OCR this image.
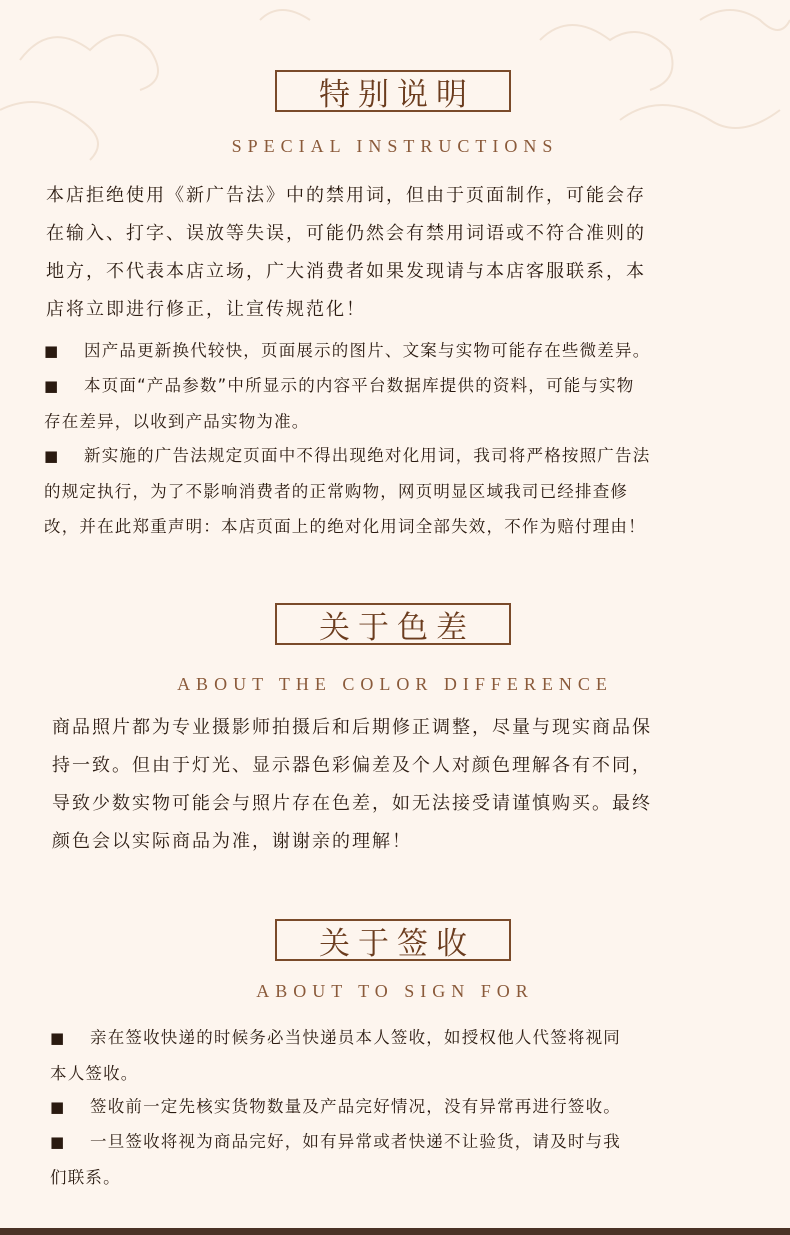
特别说明
SPECIAL INSTRUCTIONS

本店拒绝使用《新广告法》中的禁用词，但由于页面制作，可能会存
在输入、打字、误放等失误，可能仍然会有禁用词语或不符合准则的
地方，不代表本店立场，广大消费者如果发现请与本店客服联系，本
店将立即进行修正，让宣传规范化！

■ 因产品更新换代较快，页面展示的图片、文案与实物可能存在些微差异。

■ 本页面“产品参数”中所显示的内容平台数据库提供的资料，可能与实物
存在差异，以收到产品实物为准。

■ 新实施的广告法规定页面中不得出现绝对化用词，我司将严格按照广告法
的规定执行，为了不影响消费者的正常购物，网页明显区域我司已经排查修
改，并在此郑重声明：本店页面上的绝对化用词全部失效，不作为赔付理由！

关于色差
ABOUT THE COLOR DIFFERENCE

商品照片都为专业摄影师拍摄后和后期修正调整，尽量与现实商品保
持一致。但由于灯光、显示器色彩偏差及个人对颜色理解各有不同，
导致少数实物可能会与照片存在色差，如无法接受请谨慎购买。最终
颜色会以实际商品为准，谢谢亲的理解！

关于签收
ABOUT TO SIGN FOR

■ 亲在签收快递的时候务必当快递员本人签收，如授权他人代签将视同
本人签收。

■ 签收前一定先核实货物数量及产品完好情况，没有异常再进行签收。

■ 一旦签收将视为商品完好，如有异常或者快递不让验货，请及时与我
们联系。
